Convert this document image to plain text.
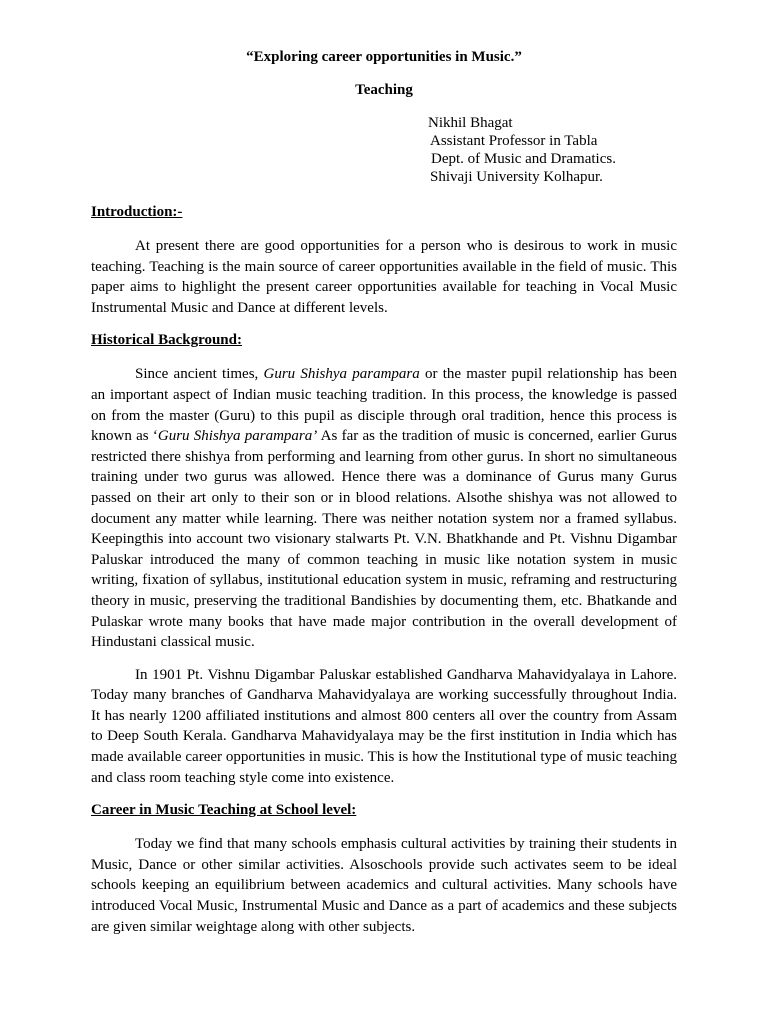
“Exploring career opportunities in Music.”

Teaching

Nikhil Bhagat
Assistant Professor in Tabla
Dept. of Music and Dramatics.
Shivaji University Kolhapur.

Introduction:-

At present there are good opportunities for a person who is desirous to work in music teaching. Teaching is the main source of career opportunities available in the field of music. This paper aims to highlight the present career opportunities available for teaching in Vocal Music Instrumental Music and Dance at different levels.

Historical Background:

Since ancient times, Guru Shishya parampara or the master pupil relationship has been an important aspect of Indian music teaching tradition. In this process, the knowledge is passed on from the master (Guru) to this pupil as disciple through oral tradition, hence this process is known as ‘Guru Shishya parampara’ As far as the tradition of music is concerned, earlier Gurus restricted there shishya from performing and learning from other gurus. In short no simultaneous training under two gurus was allowed. Hence there was a dominance of Gurus many Gurus passed on their art only to their son or in blood relations. Alsothe shishya was not allowed to document any matter while learning. There was neither notation system nor a framed syllabus. Keepingthis into account two visionary stalwarts Pt. V.N. Bhatkhande and Pt. Vishnu Digambar Paluskar introduced the many of common teaching in music like notation system in music writing, fixation of syllabus, institutional education system in music, reframing and restructuring theory in music, preserving the traditional Bandishies by documenting them, etc. Bhatkande and Pulaskar wrote many books that have made major contribution in the overall development of Hindustani classical music.

In 1901 Pt. Vishnu Digambar Paluskar established Gandharva Mahavidyalaya in Lahore. Today many branches of Gandharva Mahavidyalaya are working successfully throughout India. It has nearly 1200 affiliated institutions and almost 800 centers all over the country from Assam to Deep South Kerala. Gandharva Mahavidyalaya may be the first institution in India which has made available career opportunities in music. This is how the Institutional type of music teaching and class room teaching style come into existence.

Career in Music Teaching at School level:

Today we find that many schools emphasis cultural activities by training their students in Music, Dance or other similar activities. Alsoschools provide such activates seem to be ideal schools keeping an equilibrium between academics and cultural activities. Many schools have introduced Vocal Music, Instrumental Music and Dance as a part of academics and these subjects are given similar weightage along with other subjects.
